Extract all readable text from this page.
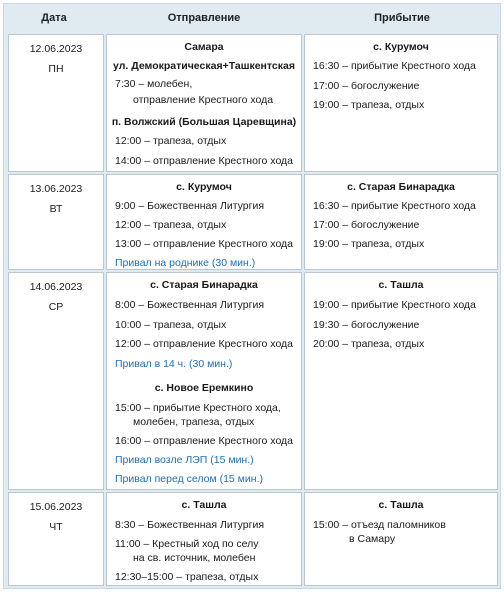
Дата	Отправление	Прибытие
12.06.2023
ПН
Самара
ул. Демократическая+Ташкентская
7:30 – молебен,
отправление Крестного хода
п. Волжский (Большая Царевщина)
12:00 – трапеза, отдых
14:00 – отправление Крестного хода
с. Курумоч
16:30 – прибытие Крестного хода
17:00 – богослужение
19:00 – трапеза, отдых
13.06.2023
ВТ
с. Курумоч
9:00 – Божественная Литургия
12:00 – трапеза, отдых
13:00 – отправление Крестного хода
Привал на роднике (30 мин.)
с. Старая Бинарадка
16:30 – прибытие Крестного хода
17:00 – богослужение
19:00 – трапеза, отдых
14.06.2023
СР
с. Старая Бинарадка
8:00 – Божественная Литургия
10:00 – трапеза, отдых
12:00 – отправление Крестного хода
Привал в 14 ч. (30 мин.)
с. Новое Еремкино
15:00 – прибытие Крестного хода,
молебен, трапеза, отдых
16:00 – отправление Крестного хода
Привал возле ЛЭП (15 мин.)
Привал перед селом (15 мин.)
с. Ташла
19:00 – прибытие Крестного хода
19:30 – богослужение
20:00 – трапеза, отдых
15.06.2023
ЧТ
с. Ташла
8:30 – Божественная Литургия
11:00 – Крестный ход по селу
на св. источник, молебен
12:30–15:00 – трапеза, отдых
с. Ташла
15:00 – отъезд паломников
в Самару
